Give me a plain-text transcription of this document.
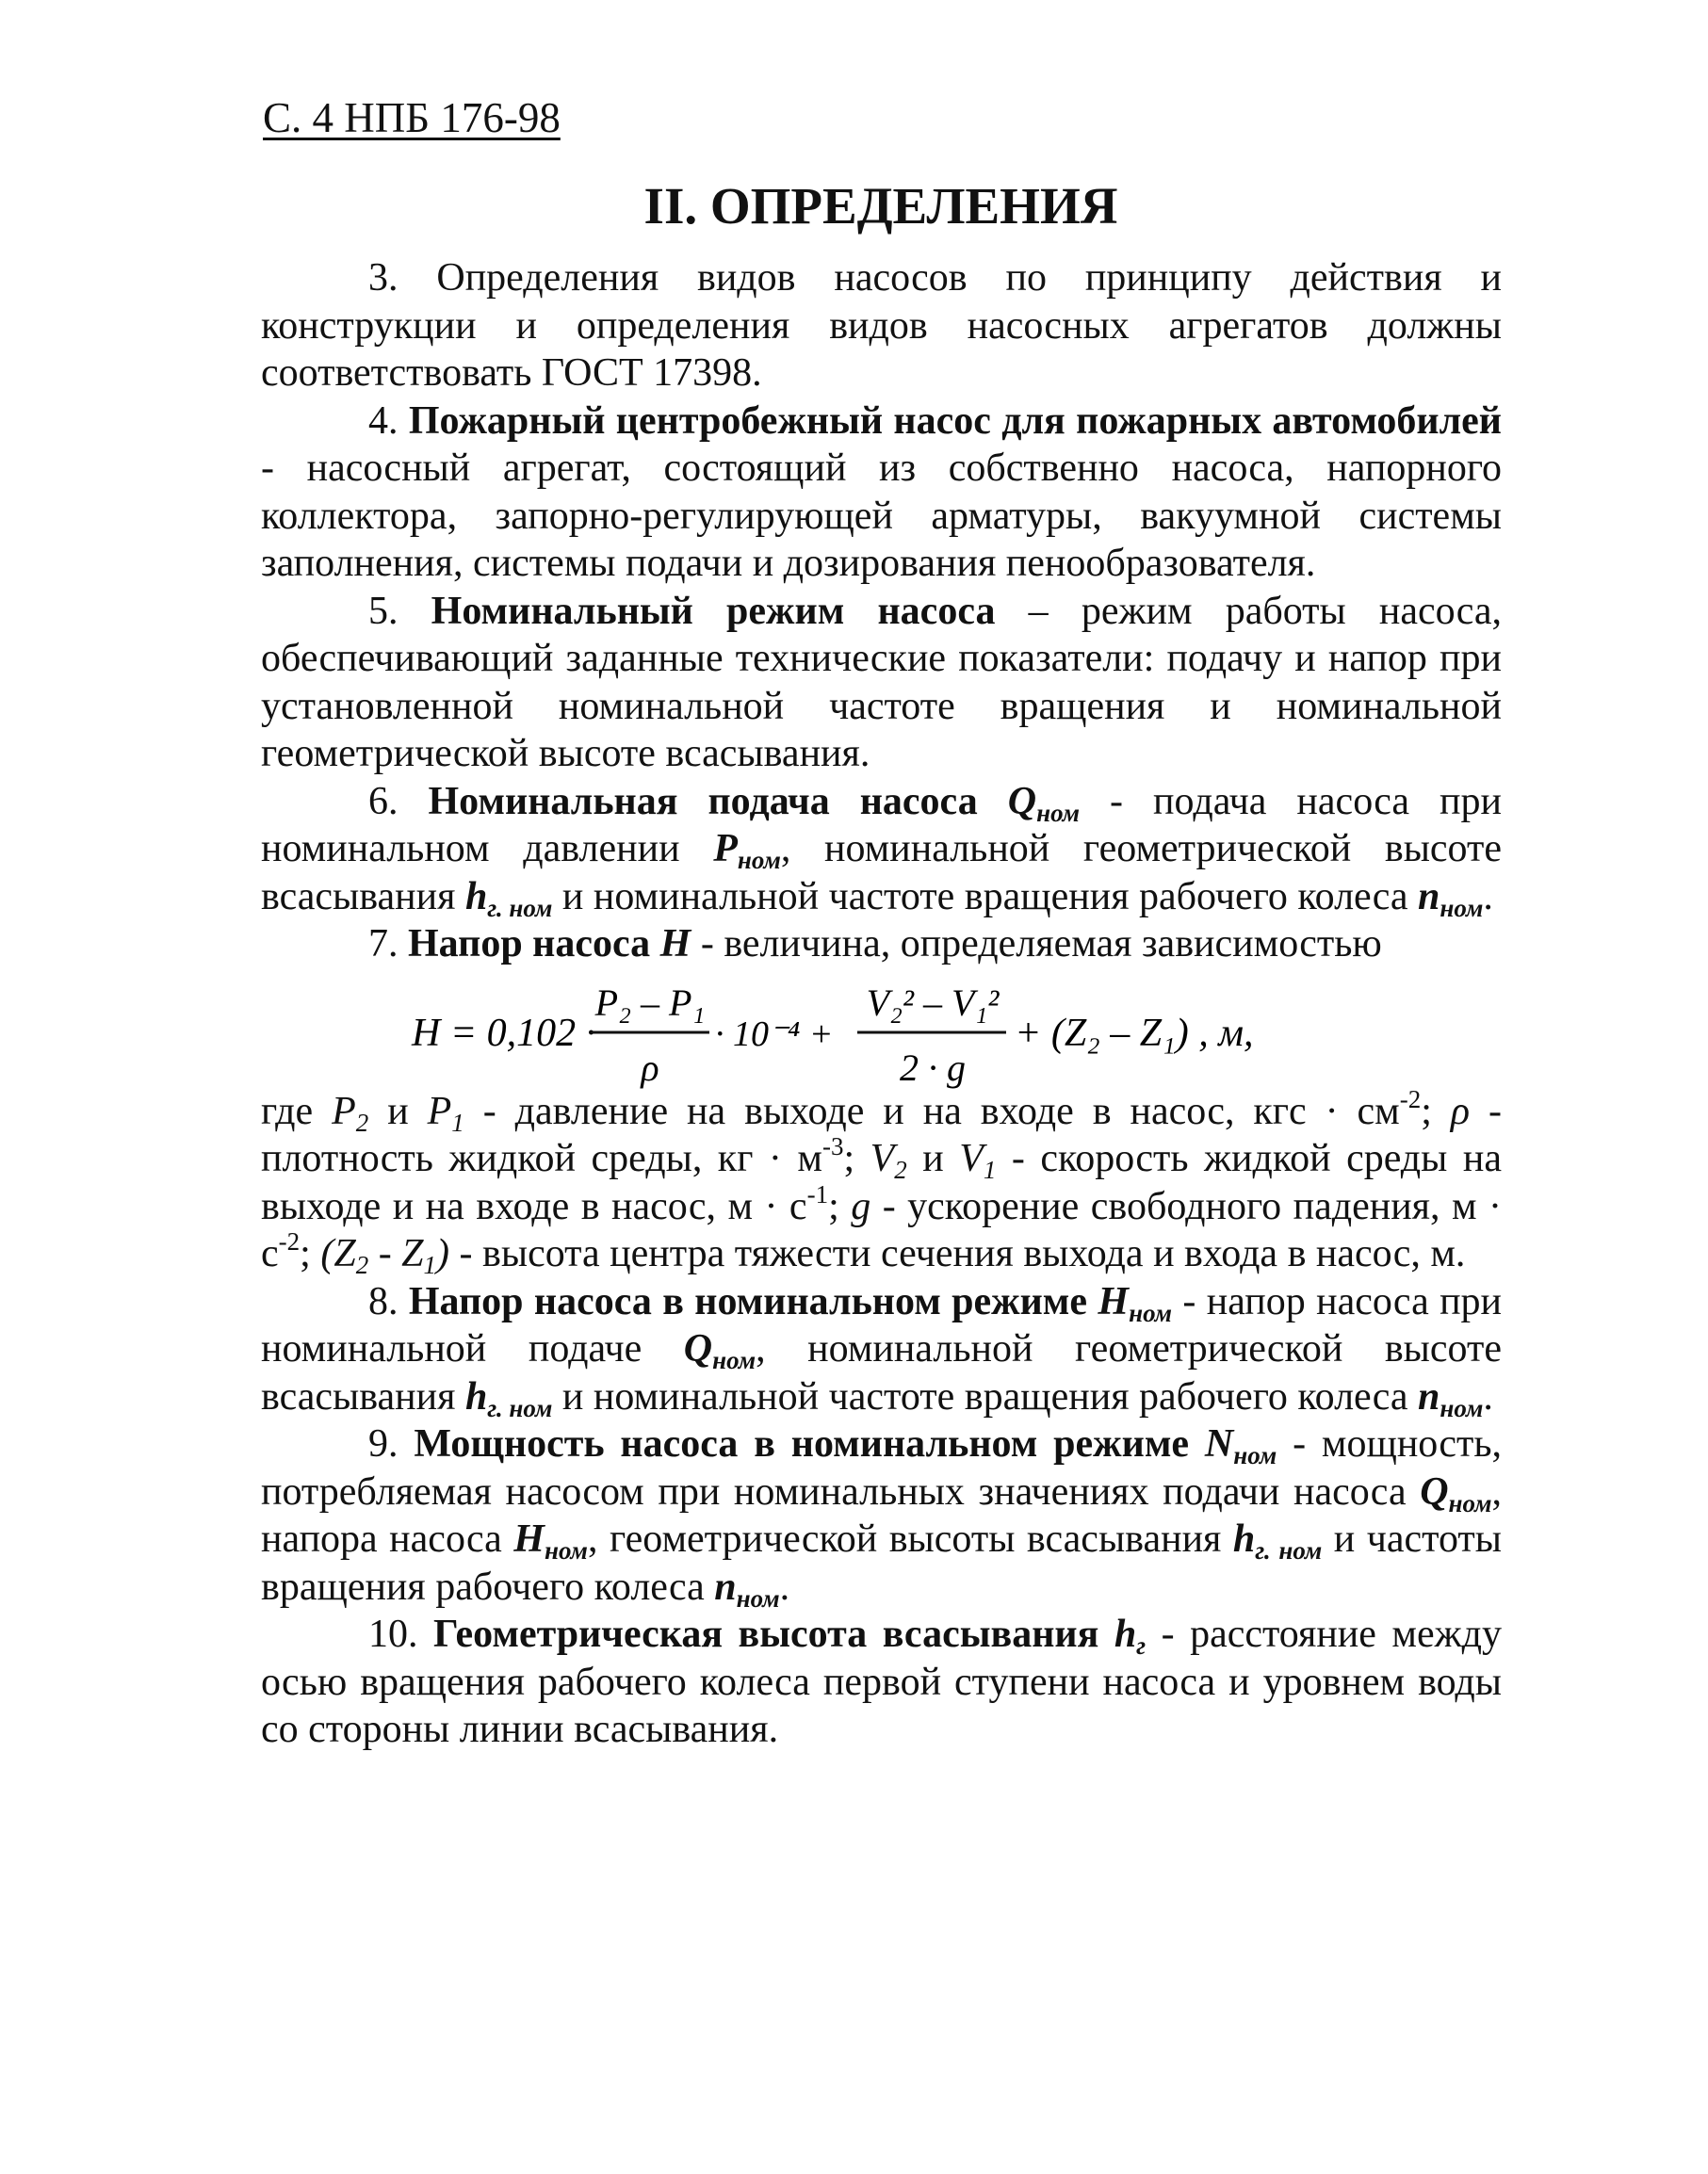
С. 4 НПБ 176-98
II. ОПРЕДЕЛЕНИЯ

3. Определения видов насосов по принципу действия и конструкции и определения видов насосных агрегатов должны соответствовать ГОСТ 17398.

4. Пожарный центробежный насос для пожарных автомобилей - насосный агрегат, состоящий из собственно насоса, напорного коллектора, запорно-регулирующей арматуры, вакуумной системы заполнения, системы подачи и дозирования пенообразователя.

5. Номинальный режим насоса – режим работы насоса, обеспечивающий заданные технические показатели: подачу и напор при установленной номинальной частоте вращения и номинальной геометрической высоте всасывания.

6. Номинальная подача насоса $Q_{ном}$ - подача насоса при номинальном давлении $P_{ном}$, номинальной геометрической высоте всасывания $h_{г. ном}$ и номинальной частоте вращения рабочего колеса $n_{ном}$.

7. Напор насоса H - величина, определяемая зависимостью

H = 0,102 ·
P₂ – P₁
ρ
· 10⁻⁴ +
V₂² – V₁²
2 · g
+ (Z₂ – Z₁) , м,

где P2 и P1 - давление на выходе и на входе в насос, кгс · $см^{-2}$; ρ - плотность жидкой среды, кг · $м^{-3}$; V2 и V1 - скорость жидкой среды на выходе и на входе в насос, $м \cdot с^{-1}$; g - ускорение свободного падения, $м \cdot с^{-2}$; (Z2 - Z1) - высота центра тяжести сечения выхода и входа в насос, м.

8. Напор насоса в номинальном режиме $H_{ном}$ - напор насоса при номинальной подаче $Q_{ном}$, номинальной геометрической высоте всасывания $h_{г. ном}$ и номинальной частоте вращения рабочего колеса $n_{ном}$.

9. Мощность насоса в номинальном режиме $N_{ном}$ - мощность, потребляемая насосом при номинальных значениях подачи насоса $Q_{ном}$, напора насоса $H_{ном}$, геометрической высоты всасывания $h_{г. ном}$ и частоты вращения рабочего колеса $n_{ном}$.

10. Геометрическая высота всасывания $h_г$ - расстояние между осью вращения рабочего колеса первой ступени насоса и уровнем воды со стороны линии всасывания.
